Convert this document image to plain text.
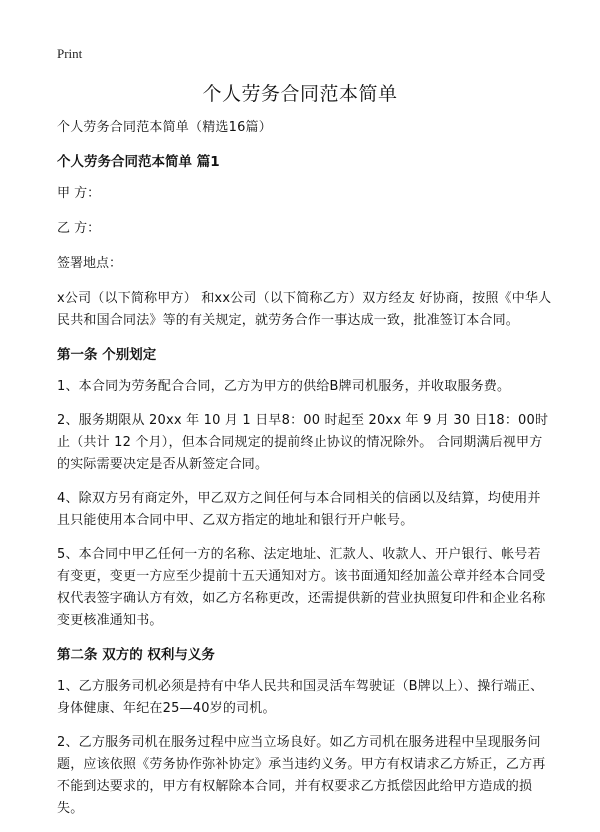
Print
个人劳务合同范本简单

个人劳务合同范本简单（精选16篇）

个人劳务合同范本简单 篇1

甲 方：

乙 方：

签署地点：

x公司（以下简称甲方） 和xx公司（以下简称乙方）双方经友 好协商，按照《中华人民共和国合同法》等的有关规定，就劳务合作一事达成一致，批准签订本合同。

第一条 个别划定

1、本合同为劳务配合合同，乙方为甲方的供给B牌司机服务，并收取服务费。

2、服务期限从 20xx 年 10 月 1 日早8：00 时起至 20xx 年 9 月 30 日18：00时止（共计 12 个月），但本合同规定的提前终止协议的情况除外。 合同期满后视甲方的实际需要决定是否从新签定合同。

4、除双方另有商定外，甲乙双方之间任何与本合同相关的信函以及结算，均使用并且只能使用本合同中甲、乙双方指定的地址和银行开户帐号。

5、本合同中甲乙任何一方的名称、法定地址、汇款人、收款人、开户银行、帐号若有变更，变更一方应至少提前十五天通知对方。该书面通知经加盖公章并经本合同受权代表签字确认方有效，如乙方名称更改，还需提供新的营业执照复印件和企业名称变更核准通知书。

第二条 双方的 权利与义务

1、乙方服务司机必须是持有中华人民共和国灵活车驾驶证（B牌以上）、操行端正、身体健康、年纪在25—40岁的司机。

2、乙方服务司机在服务过程中应当立场良好。如乙方司机在服务进程中呈现服务问题，应该依照《劳务协作弥补协定》承当违约义务。甲方有权请求乙方矫正，乙方再不能到达要求的，甲方有权解除本合同，并有权要求乙方抵偿因此给甲方造成的损失。
